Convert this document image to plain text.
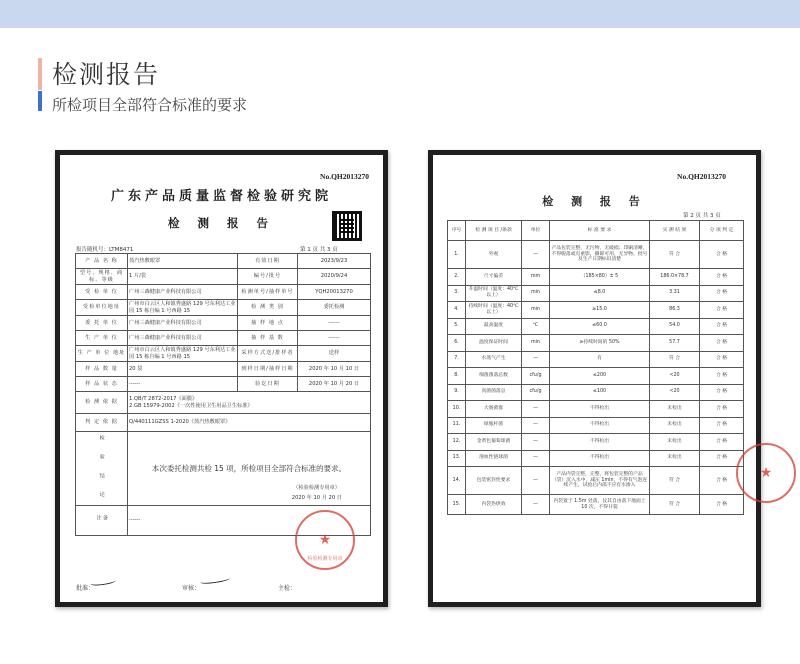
检测报告
所检项目全部符合标准的要求
No.QH2013270
广东产品质量监督检验研究院
检 测 报 告
报告随机号：LTM8471	第 1 页 共 3 页
产 品 名 称	蒸汽热敷眼罩	有效日期	2023/9/23
型号、规格、商标、等级	1 片/袋	编号/批号	2020/9/24
受 检 单 位	广州三森健康产业科技有限公司	检测单号/抽样单号	YQH20013270
受检单位地址	广州市白云区人和镇秀盛路 129 号东利达工业园 15 栋自编 1 号西路 15	检 测 类 别	委托检测
委 托 单 位	广州三森健康产业科技有限公司	抽 样 地 点	------
生 产 单 位	广州三森健康产业科技有限公司	抽 样 基 数	------
生 产 单 位 地址	广州市白云区人和镇秀盛路 129 号东利达工业园 15 栋自编 1 号西路 15	采样方式送/排样者	送样
样 品 数 量	20 袋	到样日期/抽样日期	2020 年 10 月 10 日
样 品 状 态	------	验讫日期	2020 年 10 月 20 日
检 测 依 据	1.QB/T 2872-2017《面膜》
2.GB 15979-2002《一次性使用卫生用品卫生标准》		
判 定 依 据	Q/440111GZSS 1-2020《蒸汽热敷眼罩》		
检 验 结 论	本次委托检测共检 15 项，所检项目全部符合标准的要求。
（检验检测专用章）
2020 年 10 月 20 日		

备 注	------		
批准：	审核：	主检：
★
检验检测专用章
No.QH2013270
检 测 报 告
第 2 页 共 3 页
序号	检 测 项 目 /条款	单位	标 准 要 求	实 测 结 果	分 项 判 定
1.	外观	—	产品包装完整，无污物，无破损；印刷清晰，不得脱落或有重影，撕即可用，无异物，批号及生产日期标识清楚	符 合	合 格
2.	尺寸偏差	mm	（185×80）± 5	186.0×78.7	合 格
3.	升温时间（温度：40℃以上）	min	≤8.0	3.31	合 格
4.	持续时间（温度：40℃以上）	min	≥15.0	86.3	合 格
5.	最高温度	℃	≤60.0	54.0	合 格
6.	温度保证时间	min	≥持续时间的 50%	57.7	合 格
7.	水蒸气产生	—	有	符 合	合 格
8.	细菌菌落总数	cfu/g	≤200	<20	合 格
9.	真菌菌落总	cfu/g	≤100	<20	合 格
10.	大肠菌群	—	不得检出	未检出	合 格
11.	绿脓杆菌	—	不得检出	未检出	合 格
12.	金黄色葡萄球菌	—	不得检出	未检出	合 格
13.	溶血性链球菌	—	不得检出	未检出	合 格
14.	包装密封性要求	—	产品内袋完整，完整，将包装完整的产品（袋）沉入水中，减压 1min，不得有气泡连续产生，试验后内部不应有水渗入	符 合	合 格
15.	内袋热烘效	—	内袋置于 1.5m 处落，仪其自由落下地面上 10 次，不得开裂	符 合	合 格
★
